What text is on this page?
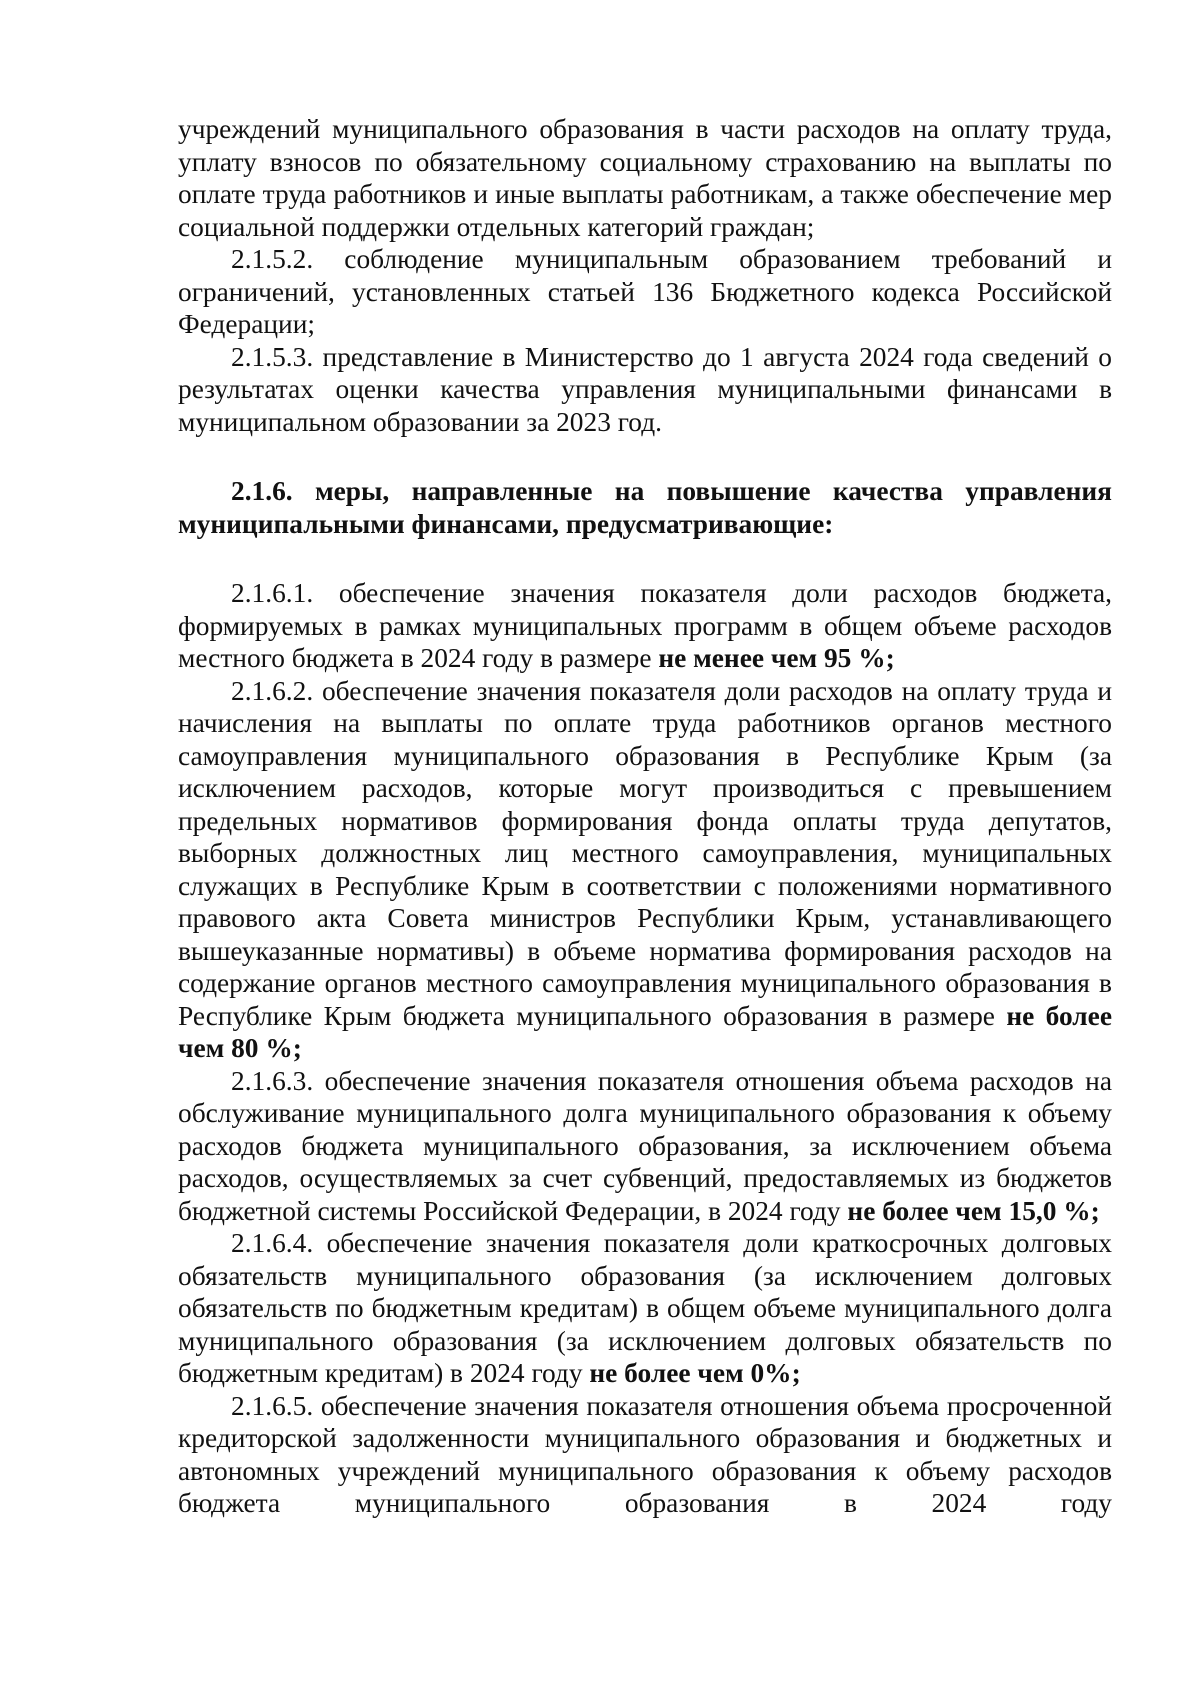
учреждений муниципального образования в части расходов на оплату труда, уплату взносов по обязательному социальному страхованию на выплаты по оплате труда работников и иные выплаты работникам, а также обеспечение мер социальной поддержки отдельных категорий граждан;

2.1.5.2. соблюдение муниципальным образованием требований и ограничений, установленных статьей 136 Бюджетного кодекса Российской Федерации;

2.1.5.3. представление в Министерство до 1 августа 2024 года сведений о результатах оценки качества управления муниципальными финансами в муниципальном образовании за 2023 год.

2.1.6. меры, направленные на повышение качества управления муниципальными финансами, предусматривающие:

2.1.6.1. обеспечение значения показателя доли расходов бюджета, формируемых в рамках муниципальных программ в общем объеме расходов местного бюджета в 2024 году в размере не менее чем 95 %;

2.1.6.2. обеспечение значения показателя доли расходов на оплату труда и начисления на выплаты по оплате труда работников органов местного самоуправления муниципального образования в Республике Крым (за исключением расходов, которые могут производиться с превышением предельных нормативов формирования фонда оплаты труда депутатов, выборных должностных лиц местного самоуправления, муниципальных служащих в Республике Крым в соответствии с положениями нормативного правового акта Совета министров Республики Крым, устанавливающего вышеуказанные нормативы) в объеме норматива формирования расходов на содержание органов местного самоуправления муниципального образования в Республике Крым бюджета муниципального образования в размере не более чем 80 %;

2.1.6.3. обеспечение значения показателя отношения объема расходов на обслуживание муниципального долга муниципального образования к объему расходов бюджета муниципального образования, за исключением объема расходов, осуществляемых за счет субвенций, предоставляемых из бюджетов бюджетной системы Российской Федерации, в 2024 году не более чем 15,0 %;

2.1.6.4. обеспечение значения показателя доли краткосрочных долговых обязательств муниципального образования (за исключением долговых обязательств по бюджетным кредитам) в общем объеме муниципального долга муниципального образования (за исключением долговых обязательств по бюджетным кредитам) в 2024 году не более чем 0%;

2.1.6.5. обеспечение значения показателя отношения объема просроченной кредиторской задолженности муниципального образования и бюджетных и автономных учреждений муниципального образования к объему расходов бюджета муниципального образования в 2024 году
